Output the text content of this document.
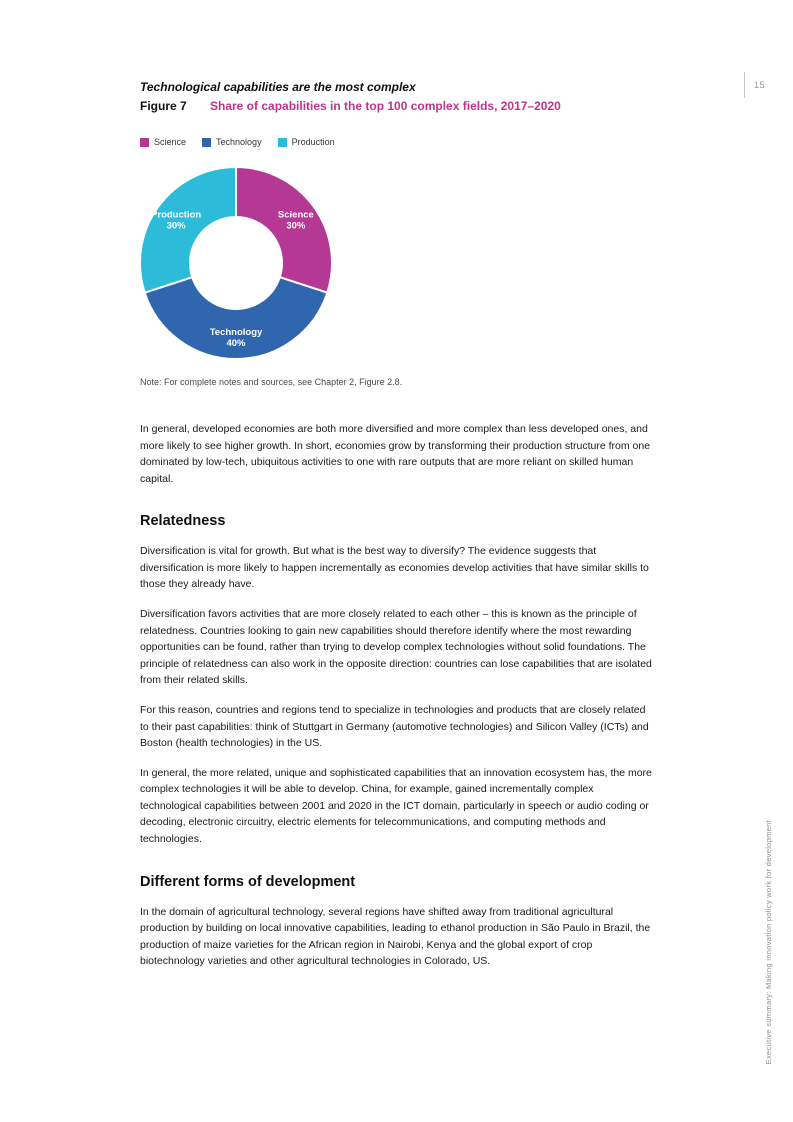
15
Executive summary: Making innovation policy work for development
Technological capabilities are the most complex
Figure 7	Share of capabilities in the top 100 complex fields, 2017–2020
Science	Technology	Production
Science 30%
Technology 40%
Production 30%
Note: For complete notes and sources, see Chapter 2, Figure 2.8.

In general, developed economies are both more diversified and more complex than less developed ones, and more likely to see higher growth. In short, economies grow by transforming their production structure from one dominated by low-tech, ubiquitous activities to one with rare outputs that are more reliant on skilled human capital.

Relatedness

Diversification is vital for growth. But what is the best way to diversify? The evidence suggests that diversification is more likely to happen incrementally as economies develop activities that have similar skills to those they already have.

Diversification favors activities that are more closely related to each other – this is known as the principle of relatedness. Countries looking to gain new capabilities should therefore identify where the most rewarding opportunities can be found, rather than trying to develop complex technologies without solid foundations. The principle of relatedness can also work in the opposite direction: countries can lose capabilities that are isolated from their related skills.

For this reason, countries and regions tend to specialize in technologies and products that are closely related to their past capabilities: think of Stuttgart in Germany (automotive technologies) and Silicon Valley (ICTs) and Boston (health technologies) in the US.

In general, the more related, unique and sophisticated capabilities that an innovation ecosystem has, the more complex technologies it will be able to develop. China, for example, gained incrementally complex technological capabilities between 2001 and 2020 in the ICT domain, particularly in speech or audio coding or decoding, electronic circuitry, electric elements for telecommunications, and computing methods and technologies.

Different forms of development

In the domain of agricultural technology, several regions have shifted away from traditional agricultural production by building on local innovative capabilities, leading to ethanol production in São Paulo in Brazil, the production of maize varieties for the African region in Nairobi, Kenya and the global export of crop biotechnology varieties and other agricultural technologies in Colorado, US.
